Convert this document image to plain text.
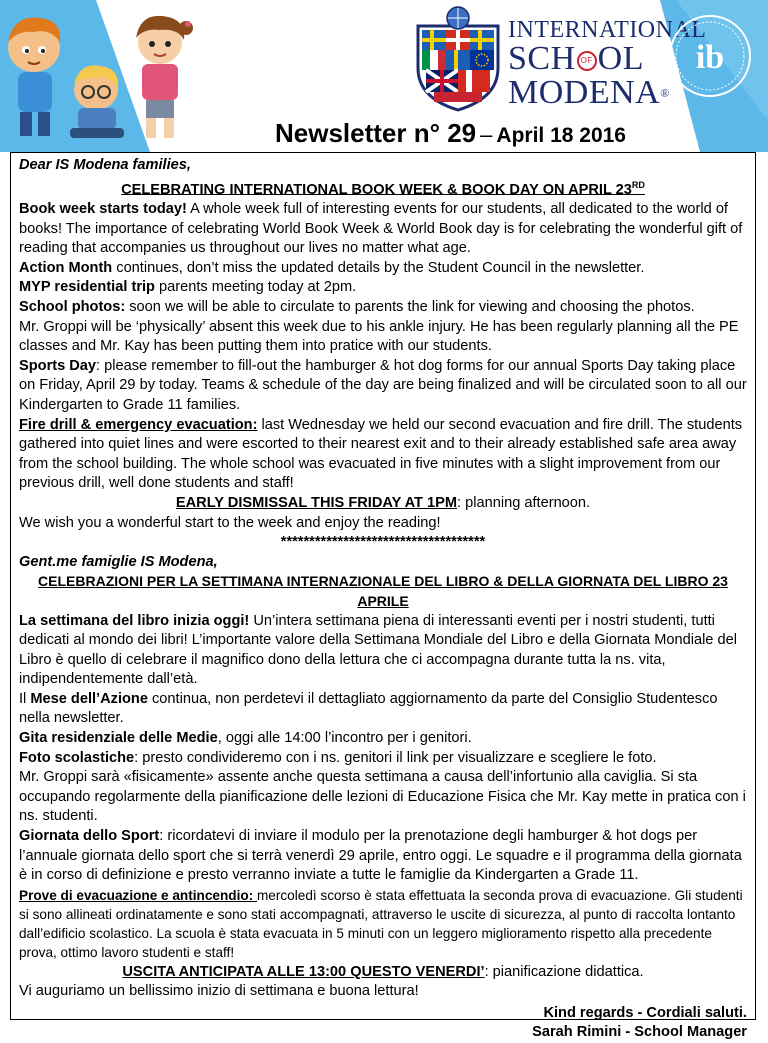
INTERNATIONAL
SCH OF OL
MODENA®
ib
Newsletter n° 29 – April 18 2016

Dear IS Modena families,

CELEBRATING INTERNATIONAL BOOK WEEK & BOOK DAY ON APRIL 23RD

Book week starts today! A whole week full of interesting events for our students, all dedicated to the world of books! The importance of celebrating World Book Week & World Book day is for celebrating the wonderful gift of reading that accompanies us throughout our lives no matter what age.

Action Month continues, don’t miss the updated details by the Student Council in the newsletter.

MYP residential trip parents meeting today at 2pm.

School photos: soon we will be able to circulate to parents the link for viewing and choosing the photos.

Mr. Groppi will be ‘physically’ absent this week due to his ankle injury. He has been regularly planning all the PE classes and Mr. Kay has been putting them into pratice with our students.

Sports Day: please remember to fill-out the hamburger & hot dog forms for our annual Sports Day taking place on Friday, April 29 by today. Teams & schedule of the day are being finalized and will be circulated soon to all our Kindergarten to Grade 11 families.

Fire drill & emergency evacuation: last Wednesday we held our second evacuation and fire drill. The students gathered into quiet lines and were escorted to their nearest exit and to their already established safe area away from the school building. The whole school was evacuated in five minutes with a slight improvement from our previous drill, well done students and staff!

EARLY DISMISSAL THIS FRIDAY AT 1PM: planning afternoon.

We wish you a wonderful start to the week and enjoy the reading!

************************************

Gent.me famiglie IS Modena,

CELEBRAZIONI PER LA SETTIMANA INTERNAZIONALE DEL LIBRO & DELLA GIORNATA DEL LIBRO 23 APRILE

La settimana del libro inizia oggi! Un’intera settimana piena di interessanti eventi per i nostri studenti, tutti dedicati al mondo dei libri! L’importante valore della Settimana Mondiale del Libro e della Giornata Mondiale del Libro è quello di celebrare il magnifico dono della lettura che ci accompagna durante tutta la ns. vita, indipendentemente dall’età.

Il Mese dell’Azione continua, non perdetevi il dettagliato aggiornamento da parte del Consiglio Studentesco nella newsletter.

Gita residenziale delle Medie, oggi alle 14:00 l’incontro per i genitori.

Foto scolastiche: presto condivideremo con i ns. genitori il link per visualizzare e scegliere le foto.

Mr. Groppi sarà «fisicamente» assente anche questa settimana a causa dell’infortunio alla caviglia. Si sta occupando regolarmente della pianificazione delle lezioni di Educazione Fisica che Mr. Kay mette in pratica con i ns. studenti.

Giornata dello Sport: ricordatevi di inviare il modulo per la prenotazione degli hamburger & hot dogs per l’annuale giornata dello sport che si terrà venerdì 29 aprile, entro oggi. Le squadre e il programma della giornata è in corso di definizione e presto verranno inviate a tutte le famiglie da Kindergarten a Grade 11.

Prove di evacuazione e antincendio: mercoledì scorso è stata effettuata la seconda prova di evacuazione. Gli studenti si sono allineati ordinatamente e sono stati accompagnati, attraverso le uscite di sicurezza, al punto di raccolta lontanto dall’edificio scolastico. La scuola è stata evacuata in 5 minuti con un leggero miglioramento rispetto alla precedente prova, ottimo lavoro studenti e staff!

USCITA ANTICIPATA ALLE 13:00 QUESTO VENERDI’: pianificazione didattica.

Vi auguriamo un bellissimo inizio di settimana e buona lettura!

Kind regards - Cordiali saluti.

Sarah Rimini - School Manager
